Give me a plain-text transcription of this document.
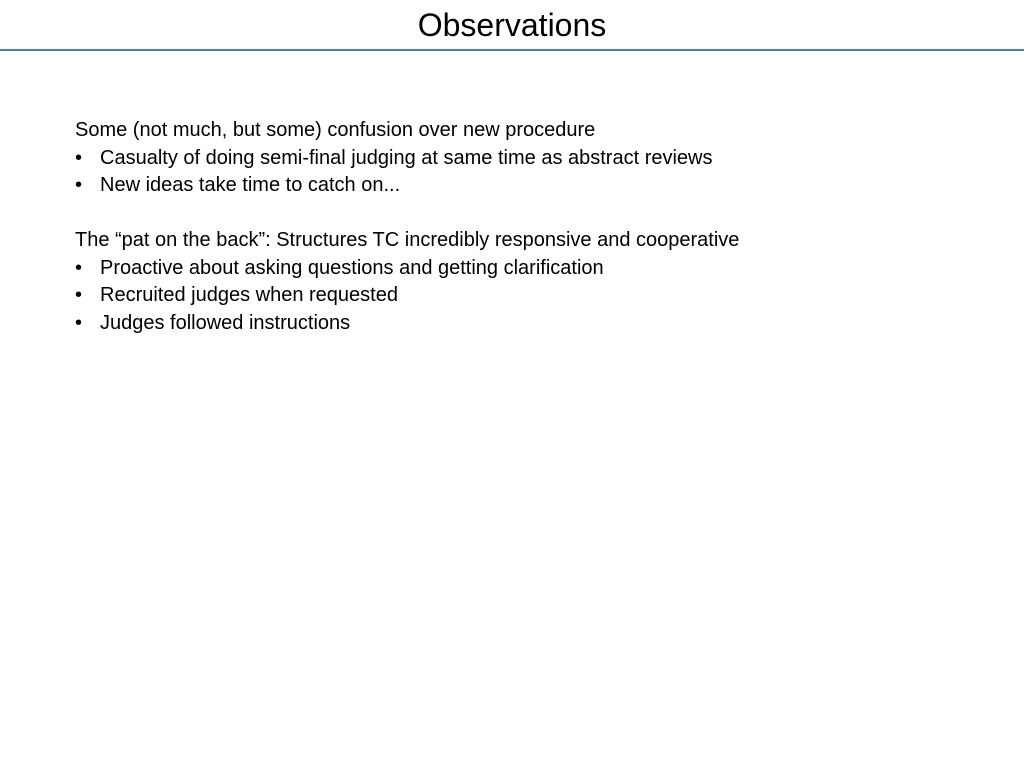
Observations

Some (not much, but some) confusion over new procedure

• Casualty of doing semi-final judging at same time as abstract reviews
• New ideas take time to catch on...

The “pat on the back”: Structures TC incredibly responsive and cooperative

• Proactive about asking questions and getting clarification
• Recruited judges when requested
• Judges followed instructions
